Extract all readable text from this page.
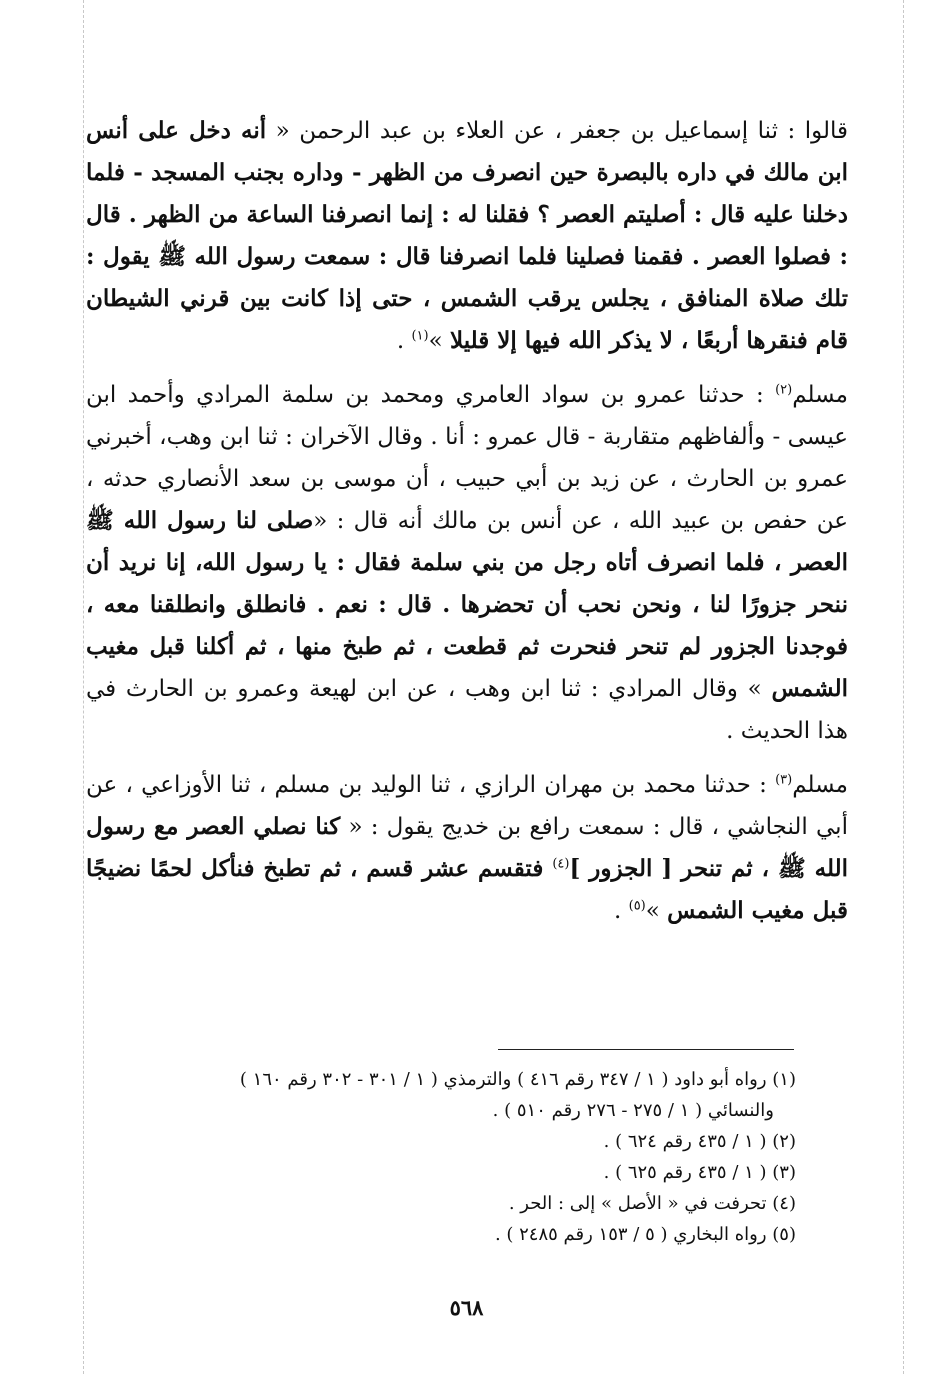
قالوا : ثنا إسماعيل بن جعفر ، عن العلاء بن عبد الرحمن « أنه دخل على أنس ابن مالك في داره بالبصرة حين انصرف من الظهر - وداره بجنب المسجد - فلما دخلنا عليه قال : أصليتم العصر ؟ فقلنا له : إنما انصرفنا الساعة من الظهر . قال : فصلوا العصر . فقمنا فصلينا فلما انصرفنا قال : سمعت رسول الله ﷺ يقول : تلك صلاة المنافق ، يجلس يرقب الشمس ، حتى إذا كانت بين قرني الشيطان قام فنقرها أربعًا ، لا يذكر الله فيها إلا قليلا »$^{(١)}$ .

مسلم$^{(٢)}$ : حدثنا عمرو بن سواد العامري ومحمد بن سلمة المرادي وأحمد ابن عيسى - وألفاظهم متقاربة - قال عمرو : أنا . وقال الآخران : ثنا ابن وهب، أخبرني عمرو بن الحارث ، عن زيد بن أبي حبيب ، أن موسى بن سعد الأنصاري حدثه ، عن حفص بن عبيد الله ، عن أنس بن مالك أنه قال : «صلى لنا رسول الله ﷺ العصر ، فلما انصرف أتاه رجل من بني سلمة فقال : يا رسول الله، إنا نريد أن ننحر جزورًا لنا ، ونحن نحب أن تحضرها . قال : نعم . فانطلق وانطلقنا معه ، فوجدنا الجزور لم تنحر فنحرت ثم قطعت ، ثم طبخ منها ، ثم أكلنا قبل مغيب الشمس » وقال المرادي : ثنا ابن وهب ، عن ابن لهيعة وعمرو بن الحارث في هذا الحديث .

مسلم$^{(٣)}$ : حدثنا محمد بن مهران الرازي ، ثنا الوليد بن مسلم ، ثنا الأوزاعي ، عن أبي النجاشي ، قال : سمعت رافع بن خديج يقول : « كنا نصلي العصر مع رسول الله ﷺ ، ثم تنحر [ الجزور ]$^{(٤)}$ فتقسم عشر قسم ، ثم تطبخ فنأكل لحمًا نضيجًا قبل مغيب الشمس »$^{(٥)}$ .

(١) رواه أبو داود ( ١ / ٣٤٧ رقم ٤١٦ ) والترمذي ( ١ / ٣٠١ - ٣٠٢ رقم ١٦٠ )

والنسائي ( ١ / ٢٧٥ - ٢٧٦ رقم ٥١٠ ) .

(٢) ( ١ / ٤٣٥ رقم ٦٢٤ ) .

(٣) ( ١ / ٤٣٥ رقم ٦٢٥ ) .

(٤) تحرفت في « الأصل » إلى : الحر .

(٥) رواه البخاري ( ٥ / ١٥٣ رقم ٢٤٨٥ ) .

٥٦٨
